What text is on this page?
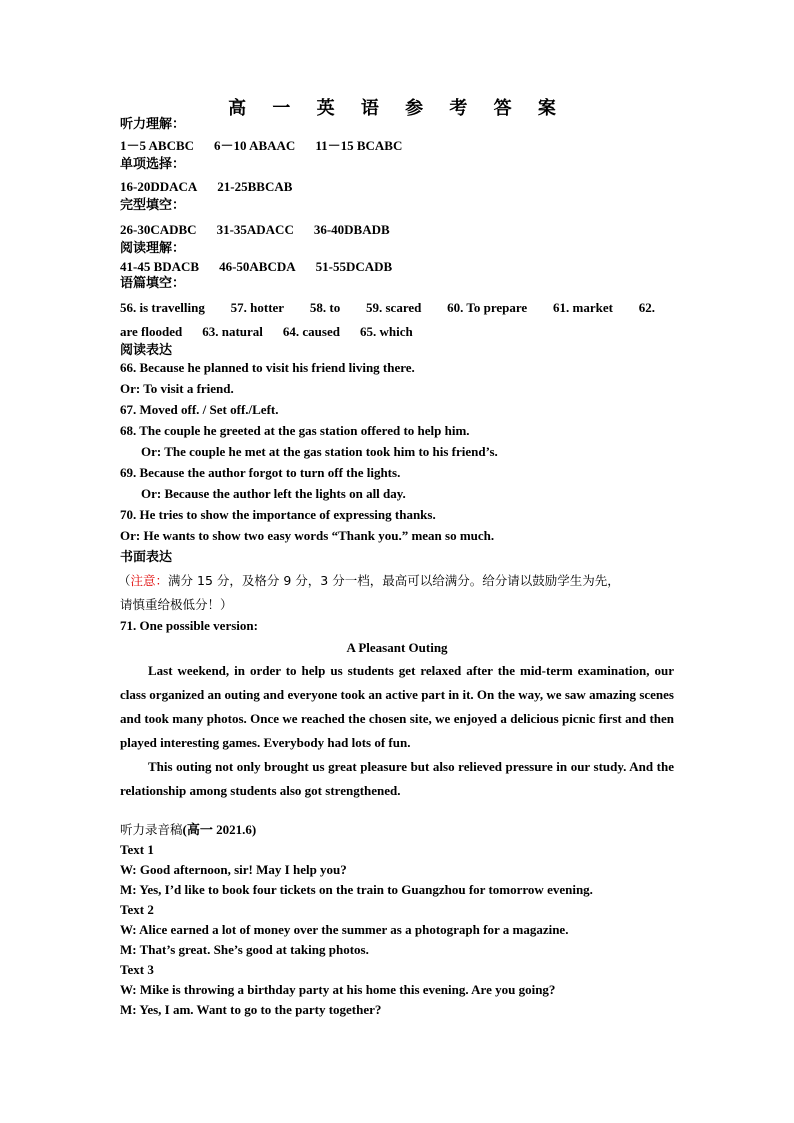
高 一 英 语 参 考 答 案
听力理解：
1－5 ABCBC 6－10 ABAAC 11－15 BCABC
单项选择：
16-20DDACA 21-25BBCAB
完型填空：
26-30CADBC 31-35ADACC 36-40DBADB
阅读理解：
41-45 BDACB 46-50ABCDA 51-55DCADB
语篇填空：
56. is travelling 57. hotter 58. to 59. scared 60. To prepare 61. market 62.
are flooded 63. natural 64. caused 65. which
阅读表达
66. Because he planned to visit his friend living there.
Or: To visit a friend.
67. Moved off. / Set off./Left.
68. The couple he greeted at the gas station offered to help him.
Or: The couple he met at the gas station took him to his friend’s.
69. Because the author forgot to turn off the lights.
Or: Because the author left the lights on all day.
70. He tries to show the importance of expressing thanks.
Or: He wants to show two easy words “Thank you.” mean so much.
书面表达
（注意：满分 15 分，及格分 9 分，3 分一档，最高可以给满分。给分请以鼓励学生为先，
请慎重给极低分！）
71. One possible version:
A Pleasant Outing
Last weekend, in order to help us students get relaxed after the mid-term examination, our class organized an outing and everyone took an active part in it. On the way, we saw amazing scenes and took many photos. Once we reached the chosen site, we enjoyed a delicious picnic first and then played interesting games. Everybody had lots of fun.
This outing not only brought us great pleasure but also relieved pressure in our study. And the relationship among students also got strengthened.
听力录音稿(高一 2021.6)
Text 1
W: Good afternoon, sir! May I help you?
M: Yes, I’d like to book four tickets on the train to Guangzhou for tomorrow evening.
Text 2
W: Alice earned a lot of money over the summer as a photograph for a magazine.
M: That’s great. She’s good at taking photos.
Text 3
W: Mike is throwing a birthday party at his home this evening. Are you going?
M: Yes, I am. Want to go to the party together?
